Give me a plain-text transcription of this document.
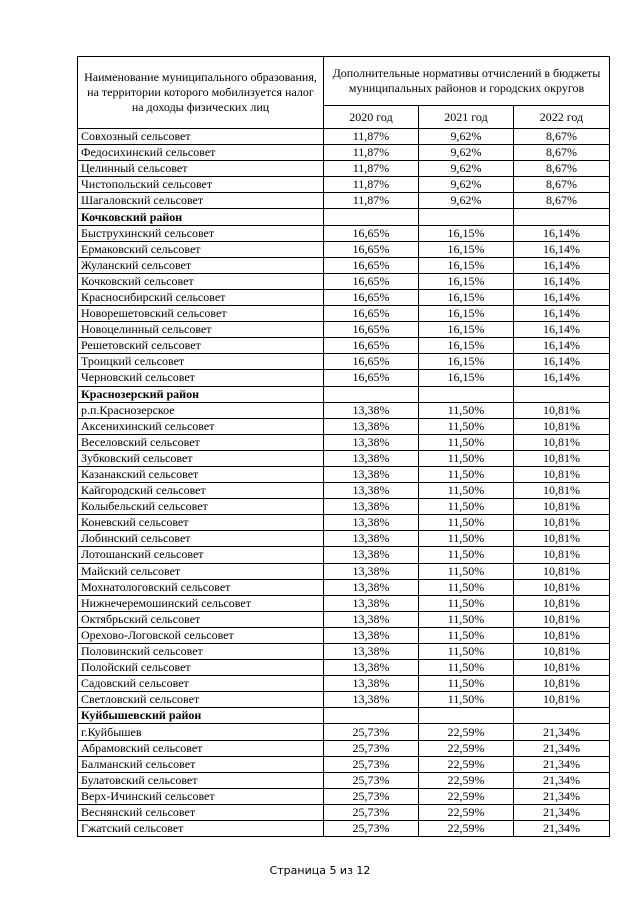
Наименование муниципального образования, на территории которого мобилизуется налог на доходы физических лиц	Дополнительные нормативы отчислений в бюджеты муниципальных районов и городских округов		
	2020 год	2021 год	2022 год
Совхозный сельсовет	11,87%	9,62%	8,67%
Федосихинский сельсовет	11,87%	9,62%	8,67%
Целинный сельсовет	11,87%	9,62%	8,67%
Чистопольский сельсовет	11,87%	9,62%	8,67%
Шагаловский сельсовет	11,87%	9,62%	8,67%
Кочковский район			
Быструхинский сельсовет	16,65%	16,15%	16,14%
Ермаковский сельсовет	16,65%	16,15%	16,14%
Жуланский сельсовет	16,65%	16,15%	16,14%
Кочковский сельсовет	16,65%	16,15%	16,14%
Красносибирский сельсовет	16,65%	16,15%	16,14%
Новорешетовский сельсовет	16,65%	16,15%	16,14%
Новоцелинный сельсовет	16,65%	16,15%	16,14%
Решетовский сельсовет	16,65%	16,15%	16,14%
Троицкий сельсовет	16,65%	16,15%	16,14%
Черновский сельсовет	16,65%	16,15%	16,14%
Краснозерский район			
р.п.Краснозерское	13,38%	11,50%	10,81%
Аксенихинский сельсовет	13,38%	11,50%	10,81%
Веселовский сельсовет	13,38%	11,50%	10,81%
Зубковский сельсовет	13,38%	11,50%	10,81%
Казанакский сельсовет	13,38%	11,50%	10,81%
Кайгородский сельсовет	13,38%	11,50%	10,81%
Колыбельский сельсовет	13,38%	11,50%	10,81%
Коневский сельсовет	13,38%	11,50%	10,81%
Лобинский сельсовет	13,38%	11,50%	10,81%
Лотошанский сельсовет	13,38%	11,50%	10,81%
Майский сельсовет	13,38%	11,50%	10,81%
Мохнатологовский сельсовет	13,38%	11,50%	10,81%
Нижнечеремошинский сельсовет	13,38%	11,50%	10,81%
Октябрьский сельсовет	13,38%	11,50%	10,81%
Орехово-Логовской сельсовет	13,38%	11,50%	10,81%
Половинский сельсовет	13,38%	11,50%	10,81%
Полойский сельсовет	13,38%	11,50%	10,81%
Садовский сельсовет	13,38%	11,50%	10,81%
Светловский сельсовет	13,38%	11,50%	10,81%
Куйбышевский район			
г.Куйбышев	25,73%	22,59%	21,34%
Абрамовский сельсовет	25,73%	22,59%	21,34%
Балманский сельсовет	25,73%	22,59%	21,34%
Булатовский сельсовет	25,73%	22,59%	21,34%
Верх-Ичинский сельсовет	25,73%	22,59%	21,34%
Веснянский сельсовет	25,73%	22,59%	21,34%
Гжатский сельсовет	25,73%	22,59%	21,34%
Страница 5 из 12
